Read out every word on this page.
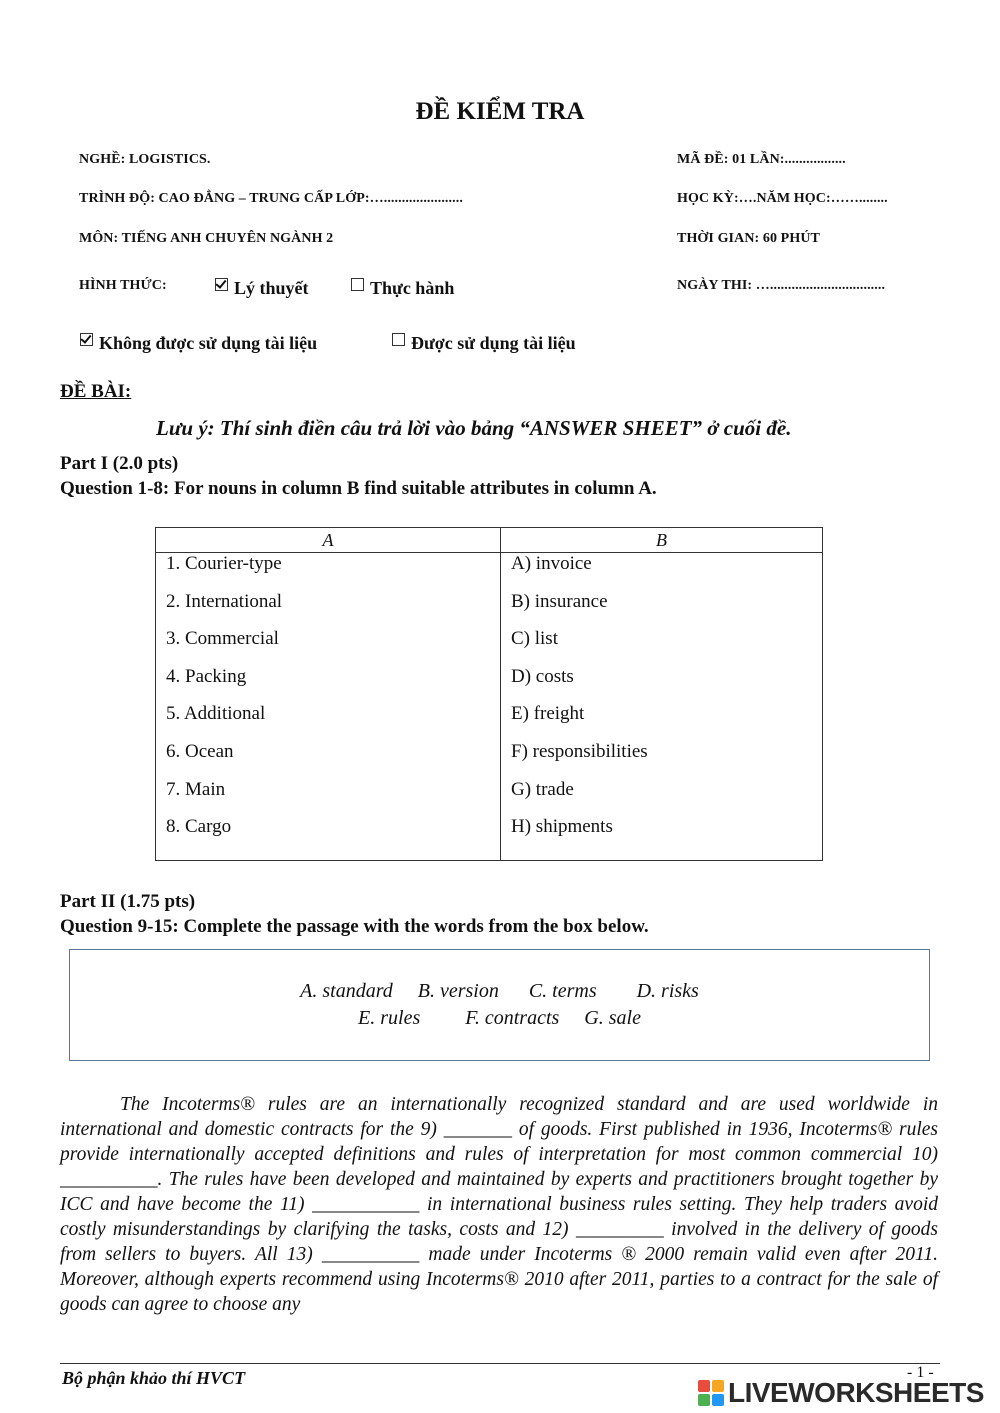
ĐỀ KIỂM TRA
NGHỀ: LOGISTICS.
TRÌNH ĐỘ: CAO ĐẲNG – TRUNG CẤP LỚP:…......................
MÔN: TIẾNG ANH CHUYÊN NGÀNH 2
HÌNH THỨC:
MÃ ĐỀ: 01 LẦN:.................
HỌC KỲ:….NĂM HỌC:……........
THỜI GIAN: 60 PHÚT
NGÀY THI: …................................
Lý thuyết	Thực hành
Không được sử dụng tài liệu	Được sử dụng tài liệu
ĐỀ BÀI:
Lưu ý: Thí sinh điền câu trả lời vào bảng “ANSWER SHEET” ở cuối đề.
Part I (2.0 pts)
Question 1-8: For nouns in column B find suitable attributes in column A.
A	B
1. Courier-type	A) invoice
2. International	B) insurance
3. Commercial	C) list
4. Packing	D) costs
5. Additional	E) freight
6. Ocean	F) responsibilities
7. Main	G) trade
8. Cargo	H) shipments
Part II (1.75 pts)
Question 9-15: Complete the passage with the words from the box below.
A. standard     B. version      C. terms        D. risks
E. rules         F. contracts     G. sale
The Incoterms® rules are an internationally recognized standard and are used worldwide in international and domestic contracts for the 9) _______ of goods. First published in 1936, Incoterms® rules provide internationally accepted definitions and rules of interpretation for most common commercial 10) __________. The rules have been developed and maintained by experts and practitioners brought together by ICC and have become the 11) ___________ in international business rules setting. They help traders avoid costly misunderstandings by clarifying the tasks, costs and 12) _________ involved in the delivery of goods from sellers to buyers. All 13) __________ made under Incoterms ® 2000 remain valid even after 2011. Moreover, although experts recommend using Incoterms® 2010 after 2011, parties to a contract for the sale of goods can agree to choose any
Bộ phận khảo thí HVCT	- 1 -
LIVEWORKSHEETS
